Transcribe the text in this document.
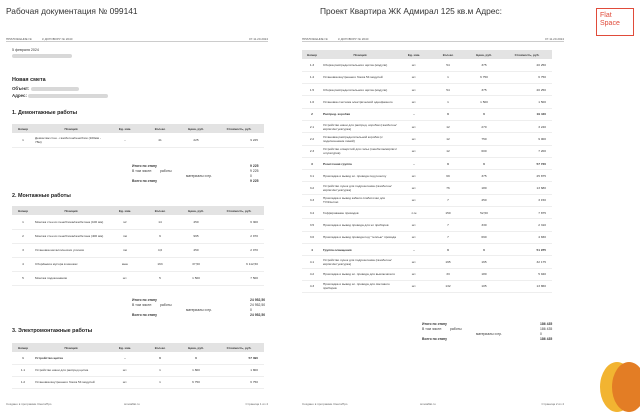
Рабочая документация № 099141	Проект Квартира ЖК Адмирал 125 кв.м Адрес:	Flat
Space
ПРИЛОЖЕНИЕ №	К ДОГОВОРУ № 2040	07.11.20.2024
5 февраля 2024
Новая смета
Объект:
Адрес:
1. Демонтажные работы
Номер	Позиция	Ед. изм.	Кол-во	Цена, руб.	Стоимость, руб.
1	Демонтаж стен - газобетон/пеноблок (100мм - 78м)	–	41	225	9 225
Итого по этапу	9 225
В том числе: работы	9 225
материалы и пр.	0
Всего по этапу	9 225
2. Монтажные работы
Номер	Позиция	Ед. изм.	Кол-во	Цена, руб.	Стоимость, руб.
1	Монтаж стен из пеноблока/газобетона (100 мм)	м²	14	450	6 300
2	Монтаж стен из пеноблока/газобетона (400 мм)	пм	9	995	2 970
3	Установка металлических уголков	пм	4,6	450	2 070
4	Сбор/вывоз мусора в мешках	меш	163	37,50	6 112,50
5	Монтаж подоконников	шт.	5	1 500	7 500
Итого по этапу	24 952,50
В том числе: работы	24 952,50
материалы и пр.	0
Всего по этапу	24 952,50
3. Электромонтажные работы
Номер	Позиция	Ед. изм.	Кол-во	Цена, руб.	Стоимость, руб.
1	Устройство щитка	–	0	0	57 390
1.1	Устройство ниши для распред щитка	шт.	1	1 800	1 800
1.2	Установка внутреннего бокса 54 модулей	шт.	1	6 750	6 750
Создано в программе СметаПро	smetaflat.ru	Страница 1 из 4
ПРИЛОЖЕНИЕ №	К ДОГОВОРУ № 2040	07.11.20.2024
Номер	Позиция	Ед. изм.	Кол-во	Цена, руб.	Стоимость, руб.
1.3	Сборка распределительного щитка (модули)	шт.	54	375	20 250
1.4	Установка внутреннего бокса 54 модулей	шт.	1	6 750	6 750
1.5	Сборка распределительного щитка (модули)	шт.	54	375	20 250
1.6	Установка счетчика электрической однофазного	шт.	1	1 500	1 500
2	Распред. коробки	–	0	0	19 440
2.1	Устройство ниши для распред. коробки (газобетон/кирпич/штукатурка)	шт.	12	270	3 240
2.2	Установка распределительной коробки (с подключением линий)	шт.	12	750	9 000
2.3	Устройство отверстий для гильз (газобетон/кирпич/штукатурка)	шт.	12	600	7 200
3	Розеточная группа	–	0	0	57 720
3.1	Прокладка и вывод эл. провода под розетку	шт.	69	375	25 875
3.2	Устройство лунок для подрозетника (газобетон/кирпич/штукатурка)	шт.	76	180	13 680
3.3	Прокладка и вывод кабеля слаботочки для ТV/Internet	шт.	7	450	3 150
3.4	Гофрирование проводов	п.м	150	52,50	7 875
3.5	Прокладка и вывод провода для эл приборов	шт.	7	330	2 310
3.6	Прокладка и вывод провода под "теплые" провода	шт.	7	690	4 830
4	Группа освещения	–	0	0	51 975
4.1	Устройство лунок для подрозетника (газобетон/кирпич/штукатурка)	шт.	195	165	32 175
4.2	Прокладка и вывод эл. провода для выключателя	шт.	33	180	5 940
4.3	Прокладка и вывод эл. провода для светового приборов	шт.	132	105	13 860
Итого по этапу	186 435
В том числе: работы	186 435
материалы и пр.	0
Всего по этапу	186 435
Создано в программе СметаПро	smetaflat.ru	Страница 2 из 4
